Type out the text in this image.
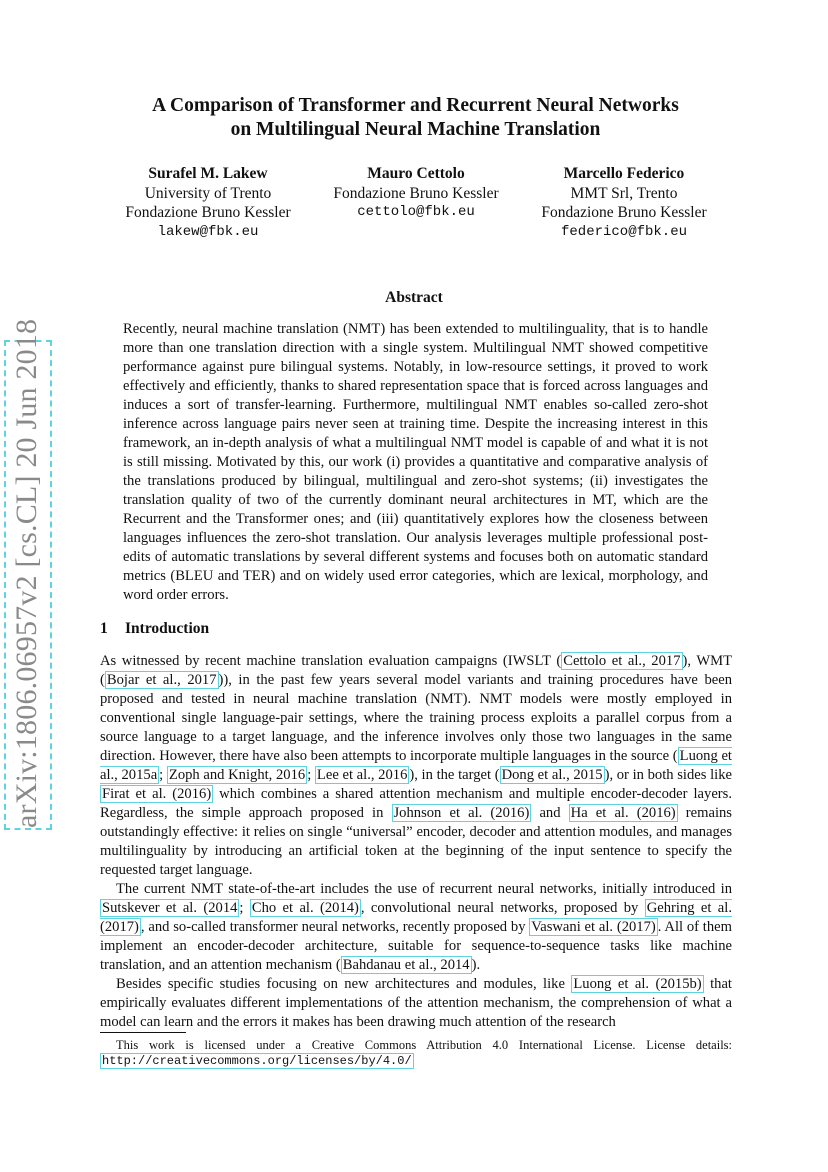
arXiv:1806.06957v2 [cs.CL] 20 Jun 2018
A Comparison of Transformer and Recurrent Neural Networks
on Multilingual Neural Machine Translation
Surafel M. Lakew
University of Trento
Fondazione Bruno Kessler
lakew@fbk.eu
Mauro Cettolo
Fondazione Bruno Kessler
cettolo@fbk.eu
Marcello Federico
MMT Srl, Trento
Fondazione Bruno Kessler
federico@fbk.eu
Abstract

Recently, neural machine translation (NMT) has been extended to multilinguality, that is to handle more than one translation direction with a single system. Multilingual NMT showed competitive performance against pure bilingual systems. Notably, in low-resource settings, it proved to work effectively and efficiently, thanks to shared representation space that is forced across languages and induces a sort of transfer-learning. Furthermore, multilingual NMT enables so-called zero-shot inference across language pairs never seen at training time. Despite the increasing interest in this framework, an in-depth analysis of what a multilingual NMT model is capable of and what it is not is still missing. Motivated by this, our work (i) provides a quantitative and comparative analysis of the translations produced by bilingual, multilingual and zero-shot systems; (ii) investigates the translation quality of two of the currently dominant neural architectures in MT, which are the Recurrent and the Transformer ones; and (iii) quantitatively explores how the closeness between languages influences the zero-shot translation. Our analysis leverages multiple professional post-edits of automatic translations by several different systems and focuses both on automatic standard metrics (BLEU and TER) and on widely used error categories, which are lexical, morphology, and word order errors.

1 Introduction

As witnessed by recent machine translation evaluation campaigns (IWSLT ( Cettolo et al., 2017 ), WMT ( Bojar et al., 2017 )), in the past few years several model variants and training procedures have been proposed and tested in neural machine translation (NMT). NMT models were mostly employed in conventional single language-pair settings, where the training process exploits a parallel corpus from a source language to a target language, and the inference involves only those two languages in the same direction. However, there have also been attempts to incorporate multiple languages in the source ( Luong et al., 2015a ; Zoph and Knight, 2016 ; Lee et al., 2016 ), in the target ( Dong et al., 2015 ), or in both sides like Firat et al. (2016) which combines a shared attention mechanism and multiple encoder-decoder layers. Regardless, the simple approach proposed in Johnson et al. (2016) and Ha et al. (2016) remains outstandingly effective: it relies on single “universal” encoder, decoder and attention modules, and manages multilinguality by introducing an artificial token at the beginning of the input sentence to specify the requested target language.

The current NMT state-of-the-art includes the use of recurrent neural networks, initially introduced in Sutskever et al. (2014 ; Cho et al. (2014) , convolutional neural networks, proposed by Gehring et al. (2017) , and so-called transformer neural networks, recently proposed by Vaswani et al. (2017) . All of them implement an encoder-decoder architecture, suitable for sequence-to-sequence tasks like machine translation, and an attention mechanism ( Bahdanau et al., 2014 ).

Besides specific studies focusing on new architectures and modules, like Luong et al. (2015b) that empirically evaluates different implementations of the attention mechanism, the comprehension of what a model can learn and the errors it makes has been drawing much attention of the research

This work is licensed under a Creative Commons Attribution 4.0 International License. License details: http://creativecommons.org/licenses/by/4.0/
